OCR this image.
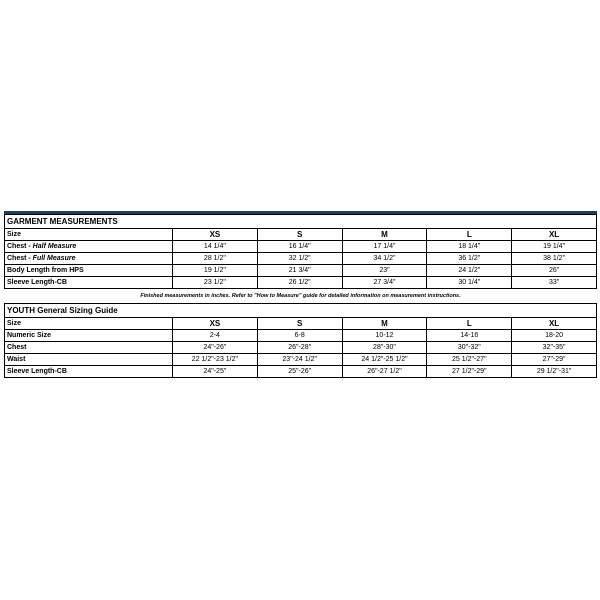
GARMENT MEASUREMENTS					
Size	XS	S	M	L	XL
Chest - Half Measure	14 1/4"	16 1/4"	17 1/4"	18 1/4"	19 1/4"
Chest - Full Measure	28 1/2"	32 1/2"	34 1/2"	36 1/2"	38 1/2"
Body Length from HPS	19 1/2"	21 3/4"	23"	24 1/2"	26"
Sleeve Length-CB	23 1/2"	26 1/2"	27 3/4"	30 1/4"	33"

Finished measurements in inches. Refer to "How to Measure" guide for detailed information on measurement instructions.

YOUTH General Sizing Guide					
Size	XS	S	M	L	XL
Numeric Size	2-4	6-8	10-12	14-16	18-20
Chest	24"-26"	26"-28"	28"-30"	30"-32"	32"-35"
Waist	22 1/2"-23 1/2"	23"-24 1/2"	24 1/2"-25 1/2"	25 1/2"-27"	27"-29"
Sleeve Length-CB	24"-25"	25"-26"	26"-27 1/2"	27 1/2"-29"	29 1/2"-31"
